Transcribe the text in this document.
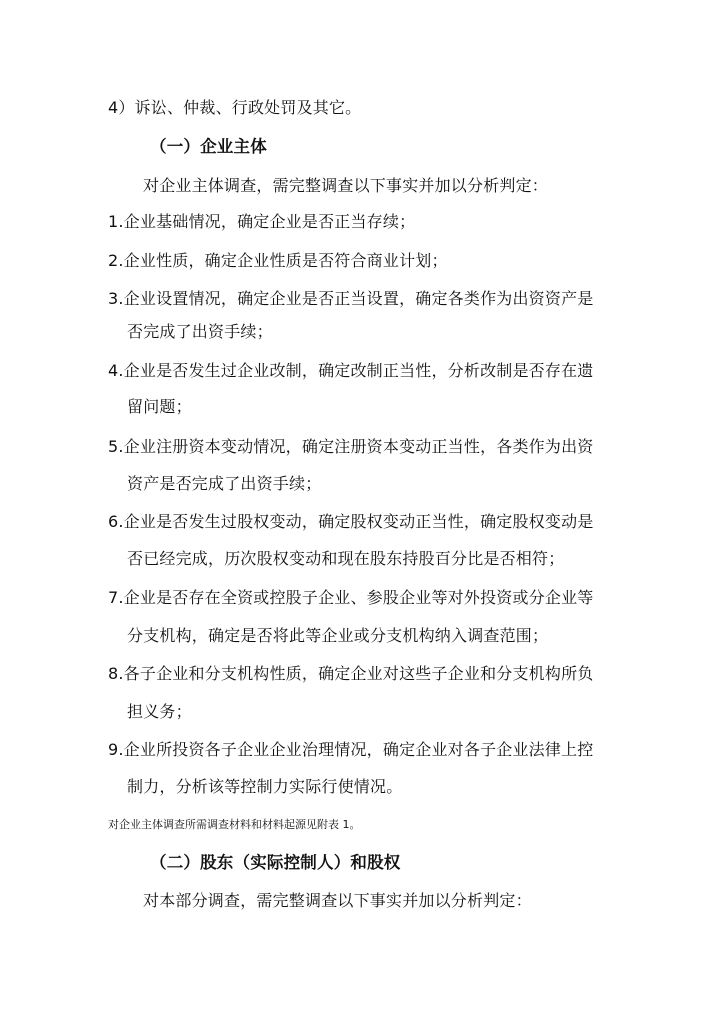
4）诉讼、仲裁、行政处罚及其它。
（一）企业主体
对企业主体调查，需完整调查以下事实并加以分析判定：
1.企业基础情况，确定企业是否正当存续；
2.企业性质，确定企业性质是否符合商业计划；
3.企业设置情况，确定企业是否正当设置，确定各类作为出资资产是
否完成了出资手续；
4.企业是否发生过企业改制，确定改制正当性，分析改制是否存在遗
留问题；
5.企业注册资本变动情况，确定注册资本变动正当性，各类作为出资
资产是否完成了出资手续；
6.企业是否发生过股权变动，确定股权变动正当性，确定股权变动是
否已经完成，历次股权变动和现在股东持股百分比是否相符；
7.企业是否存在全资或控股子企业、参股企业等对外投资或分企业等
分支机构，确定是否将此等企业或分支机构纳入调查范围；
8.各子企业和分支机构性质，确定企业对这些子企业和分支机构所负
担义务；
9.企业所投资各子企业企业治理情况，确定企业对各子企业法律上控
制力，分析该等控制力实际行使情况。
对企业主体调查所需调查材料和材料起源见附表 1。
（二）股东（实际控制人）和股权
对本部分调查，需完整调查以下事实并加以分析判定：
